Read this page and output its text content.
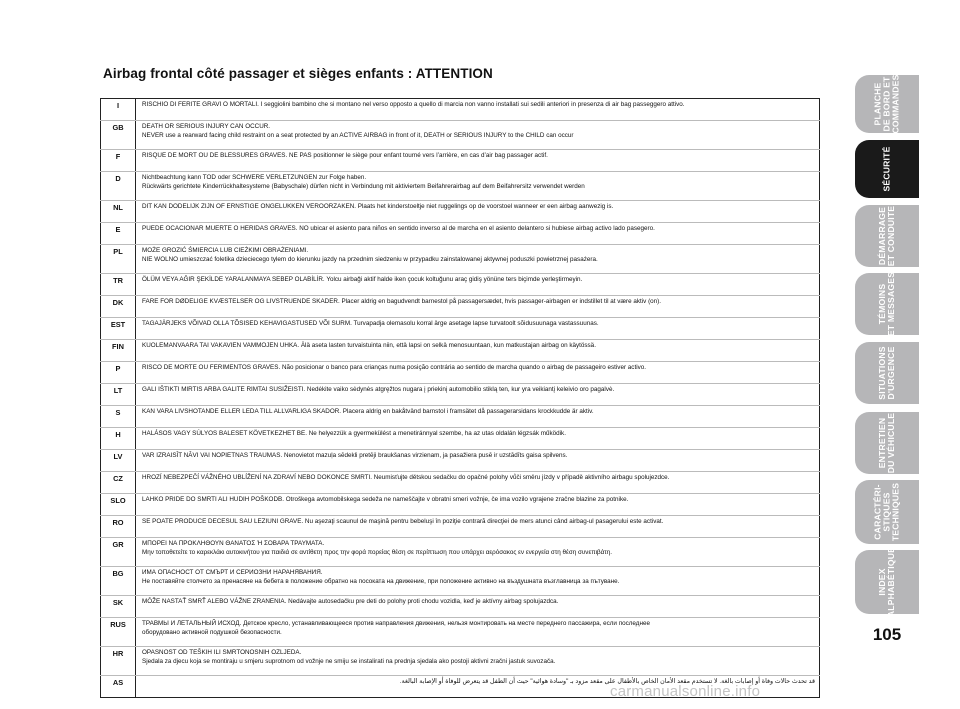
Airbag frontal côté passager et sièges enfants : ATTENTION
I	RISCHIO DI FERITE GRAVI O MORTALI. I seggiolini bambino che si montano nel verso opposto a quello di marcia non vanno installati sui sedili anteriori in presenza di air bag passeggero attivo.

GB	DEATH OR SERIOUS INJURY CAN OCCUR.
NEVER use a rearward facing child restraint on a seat protected by an ACTIVE AIRBAG in front of it, DEATH or SERIOUS INJURY to the CHILD can occur

F	RISQUE DE MORT OU DE BLESSURES GRAVES. NE PAS positionner le siège pour enfant tourné vers l’arrière, en cas d’air bag passager actif.

D	Nichtbeachtung kann TOD oder SCHWERE VERLETZUNGEN zur Folge haben.
Rückwärts gerichtete Kinderrückhaltesysteme (Babyschale) dürfen nicht in Verbindung mit aktiviertem Beifahrerairbag auf dem Beifahrersitz verwendet werden

NL	DIT KAN DODELIJK ZIJN OF ERNSTIGE ONGELUKKEN VEROORZAKEN. Plaats het kinderstoeltje niet ruggelings op de voorstoel wanneer er een airbag aanwezig is.

E	PUEDE OCACIONAR MUERTE O HERIDAS GRAVES. NO ubicar el asiento para niños en sentido inverso al de marcha en el asiento delantero si hubiese airbag activo lado pasegero.

PL	MOŻE GROZIĆ ŚMIERCIA LUB CIEŻKIMI OBRAŻENIAMI.
NIE WOLNO umieszczać foletika dzieciecego tylem do kierunku jazdy na przednim siedzeniu w przypadku zainstalowanej aktywnej poduszki powietrznej pasażera.

TR	ÖLÜM VEYA AĞIR ŞEKİLDE YARALANMAYA SEBEP OLABİLİR. Yolcu airbaği aktif halde iken çocuk koltuğunu araç gidiş yönüne ters biçimde yerleştirmeyin.

DK	FARE FOR DØDELIGE KVÆSTELSER OG LIVSTRUENDE SKADER. Placer aldrig en bagudvendt barnestol på passagersædet, hvis passager-airbagen er indstillet til at være aktiv (on).

EST	TAGAJÄRJEKS VÕIVAD OLLA TÕSISED KEHAVIGASTUSED VÕI SURM. Turvapadja olemasolu korral ärge asetage lapse turvatoolt sõidusuunaga vastassuunas.

FIN	KUOLEMANVAARA TAI VAKAVIEN VAMMOJEN UHKA. Älä aseta lasten turvaistuinta niin, että lapsi on selkä menosuuntaan, kun matkustajan airbag on käytössä.

P	RISCO DE MORTE OU FERIMENTOS GRAVES. Não posicionar o banco para crianças numa posição contrária ao sentido de marcha quando o airbag de passageiro estiver activo.

LT	GALI IŠTIKTI MIRTIS ARBA GALITE RIMTAI SUSIŽEISTI. Nedėkite vaiko sėdynės atgręžtos nugara į priekinį automobilio stiklą ten, kur yra veikiantį keleivio oro pagalvė.

S	KAN VARA LIVSHOTANDE ELLER LEDA TILL ALLVARLIGA SKADOR. Placera aldrig en bakåtvänd barnstol i framsätet då passagerarsidans krockkudde är aktiv.

H	HALÁSOS VAGY SÚLYOS BALESET KÖVETKEZHET BE. Ne helyezzük a gyermekülést a menetiránnyal szembe, ha az utas oldalán légzsák működik.

LV	VAR IZRAISĪT NĀVI VAI NOPIETNAS TRAUMAS. Nenovietot mazuļa sēdekli pretēji braukšanas virzienam, ja pasažiera pusē ir uzstādīts gaisa spilvens.

CZ	HROZÍ NEBEZPEČÍ VÁŽNÉHO UBLÍŽENÍ NA ZDRAVÍ NEBO DOKONCE SMRTI. Neumisťujte dětskou sedačku do opačné polohy vůči směru jízdy v případě aktivního airbagu spolujezdce.

SLO	LAHKO PRIDE DO SMRTI ALI HUDIH POŠKODB. Otroškega avtomobilskega sedeža ne nameščajte v obratni smeri vožnje, če ima vozilo vgrajene zračne blazine za potnike.

RO	SE POATE PRODUCE DECESUL SAU LEZIUNI GRAVE. Nu aşezaţi scaunul de maşină pentru bebeluşi în poziţie contrară direcţiei de mers atunci când airbag-ul pasagerului este activat.

GR	ΜΠΟΡΕΙ ΝΑ ΠΡΟΚΛΗΘΟΥΝ ΘΑΝΑΤΟΣ Ή ΣΟΒΑΡΑ ΤΡΑΥΜΑΤΑ.
Μην τοποθετείτε το καρεκλάκι αυτοκινήτου για παιδιά σε αντίθετη προς την φορά πορείας θέση σε περίπτωση που υπάρχει αερόσακος εν ενεργεία στη θέση συνεπιβάτη.

BG	ИМА ОПАСНОСТ ОТ СМЪРТ И СЕРИОЗНИ НАРАНЯВАНИЯ.
Не поставяйте столчето за пренасяне на бебета в положение обратно на посоката на движение, при положение активно на въздушната възглавница за пътуване.

SK	MÔŽE NASTAŤ SMRŤ ALEBO VÁŽNE ZRANENIA. Nedávajte autosedačku pre deti do polohy proti chodu vozidla, keď je aktívny airbag spolujazdca.

RUS	ТРАВМЫ И ЛЕТАЛЬНЫЙ ИСХОД. Детское кресло, устанавливающееся против направления движения, нельзя монтировать на месте переднего пассажира, если последнее
оборудовано активной подушкой безопасности.

HR	OPASNOST OD TEŠKIH ILI SMRTONOSNIH OZLJEDA.
Sjedala za djecu koja se montiraju u smjeru suprotnom od vožnje ne smiju se instalirati na prednja sjedala ako postoji aktivni zračni jastuk suvozača.

AS	قد تحدث حالات وفاة أو إصابات بالغة. لا تستخدم مقعد الأمان الخاص بالأطفال على مقعد مزود بـ "وسادة هوائية" حيث أن الطفل قد يتعرض للوفاة أو الإصابة البالغة.
PLANCHE
DE BORD ET
COMMANDES
SÉCURITÉ
DÉMARRAGE
ET CONDUITE
TÉMOINS
ET MESSAGES
SITUATIONS
D'URGENCE
ENTRETIEN
DU VÉHICULE
CARACTÉRI-
STIQUES
TECHNIQUES
INDEX
ALPHABÉTIQUE
105
carmanualsonline.info
